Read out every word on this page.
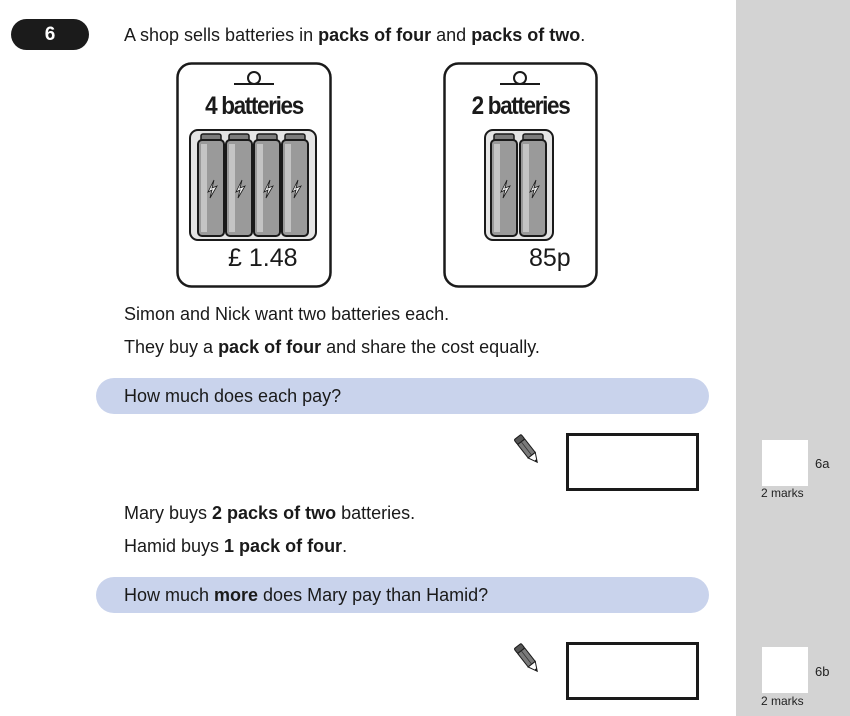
6a
2 marks
6b
2 marks
6	A shop sells batteries in packs of four and packs of two.
4 batteries
£ 1.48
2 batteries
85p
Simon and Nick want two batteries each.
They buy a pack of four and share the cost equally.
How much does each pay?
Mary buys 2 packs of two batteries.
Hamid buys 1 pack of four.
How much more does Mary pay than Hamid?
